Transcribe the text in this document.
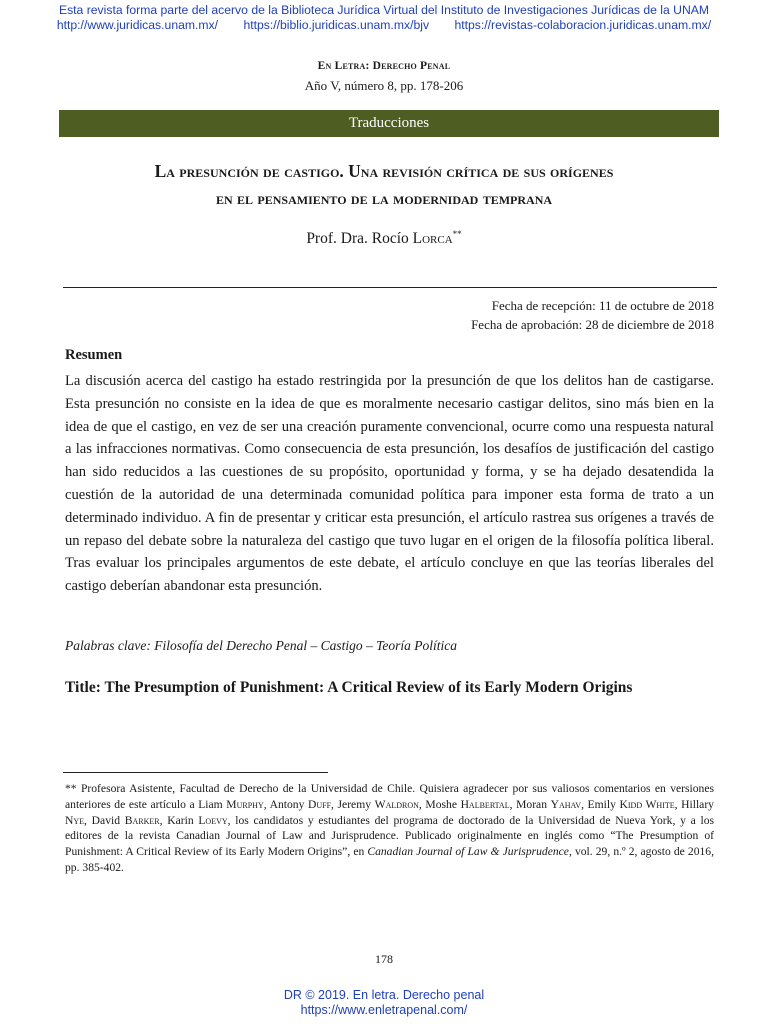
Esta revista forma parte del acervo de la Biblioteca Jurídica Virtual del Instituto de Investigaciones Jurídicas de la UNAM
http://www.juridicas.unam.mx/ https://biblio.juridicas.unam.mx/bjv https://revistas-colaboracion.juridicas.unam.mx/
En Letra: Derecho Penal
Año V, número 8, pp. 178-206
Traducciones
La presunción de castigo. Una revisión crítica de sus orígenes
en el pensamiento de la modernidad temprana
Prof. Dra. Rocío Lorca**
Fecha de recepción: 11 de octubre de 2018
Fecha de aprobación: 28 de diciembre de 2018
Resumen
La discusión acerca del castigo ha estado restringida por la presunción de que los delitos han de castigarse. Esta presunción no consiste en la idea de que es moralmente necesario castigar delitos, sino más bien en la idea de que el castigo, en vez de ser una creación puramente convencional, ocurre como una respuesta natural a las infracciones normativas. Como consecuencia de esta presunción, los desafíos de justificación del castigo han sido reducidos a las cuestiones de su propósito, oportunidad y forma, y se ha dejado desatendida la cuestión de la autoridad de una determinada comunidad política para imponer esta forma de trato a un determinado individuo. A fin de presentar y criticar esta presunción, el artículo rastrea sus orígenes a través de un repaso del debate sobre la naturaleza del castigo que tuvo lugar en el origen de la filosofía política liberal. Tras evaluar los principales argumentos de este debate, el artículo concluye en que las teorías liberales del castigo deberían abandonar esta presunción.
Palabras clave: Filosofía del Derecho Penal – Castigo – Teoría Política
Title: The Presumption of Punishment: A Critical Review of its Early Modern Origins
** Profesora Asistente, Facultad de Derecho de la Universidad de Chile. Quisiera agradecer por sus valiosos comentarios en versiones anteriores de este artículo a Liam Murphy, Antony Duff, Jeremy Waldron, Moshe Halbertal, Moran Yahav, Emily Kidd White, Hillary Nye, David Barker, Karin Loevy, los candidatos y estudiantes del programa de doctorado de la Universidad de Nueva York, y a los editores de la revista Canadian Journal of Law and Jurisprudence. Publicado originalmente en inglés como “The Presumption of Punishment: A Critical Review of its Early Modern Origins”, en Canadian Journal of Law & Jurisprudence, vol. 29, n.º 2, agosto de 2016, pp. 385-402.
178
DR © 2019. En letra. Derecho penal
https://www.enletrapenal.com/
